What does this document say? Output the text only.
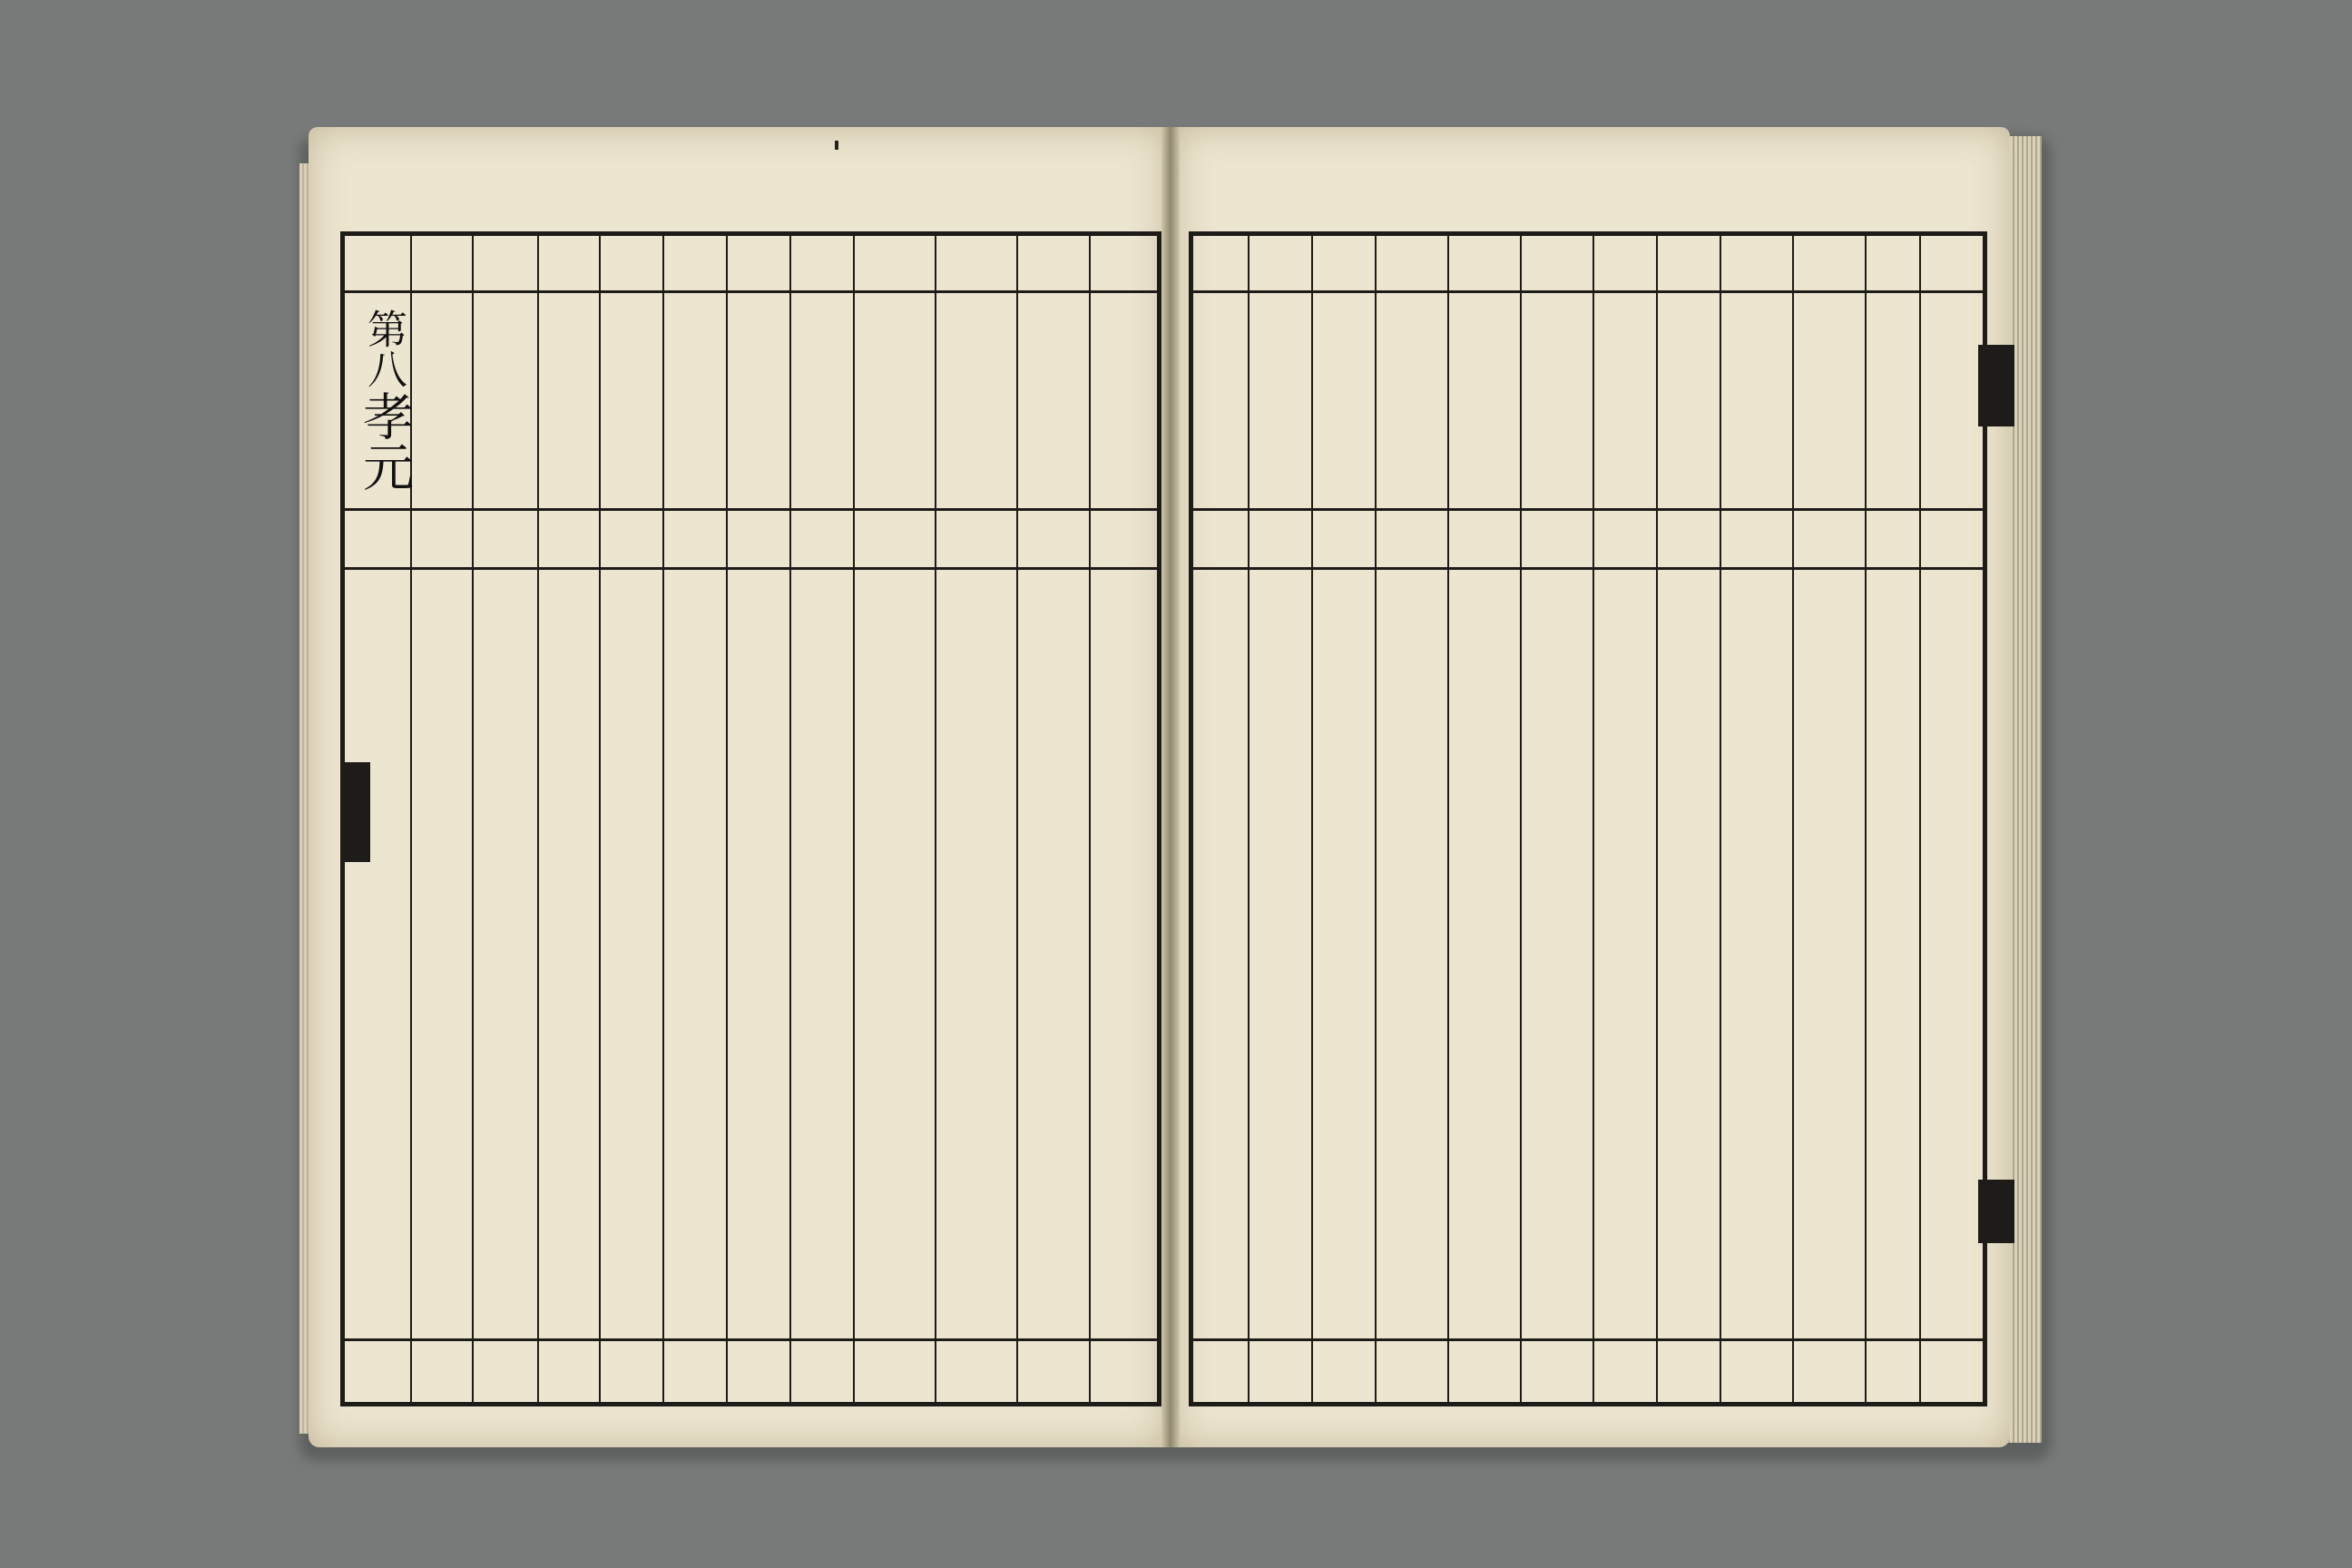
第八
孝元
